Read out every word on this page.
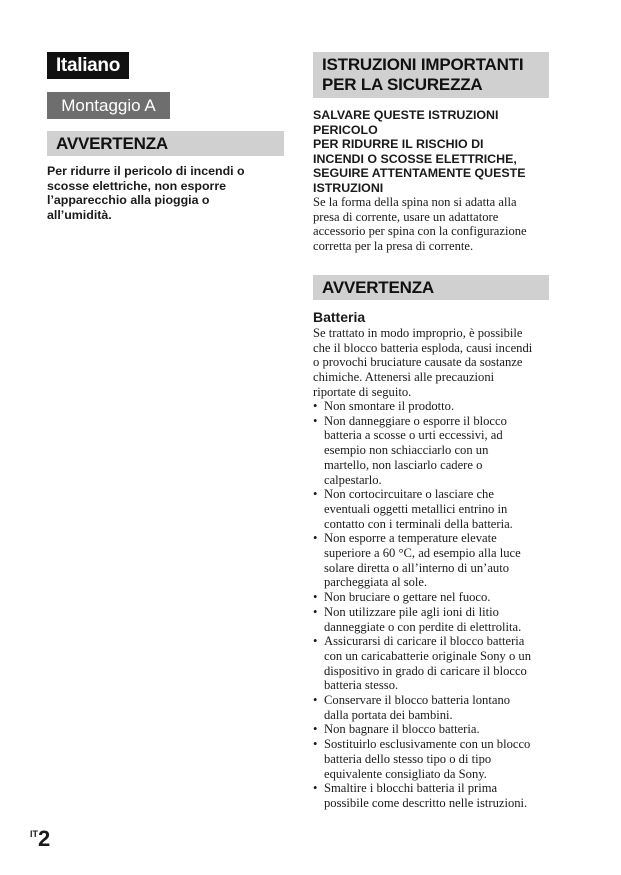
Italiano
Montaggio A
AVVERTENZA
Per ridurre il pericolo di incendi o
scosse elettriche, non esporre
l’apparecchio alla pioggia o
all’umidità.
ISTRUZIONI IMPORTANTI
PER LA SICUREZZA
SALVARE QUESTE ISTRUZIONI
PERICOLO
PER RIDURRE IL RISCHIO DI
INCENDI O SCOSSE ELETTRICHE,
SEGUIRE ATTENTAMENTE QUESTE
ISTRUZIONI
Se la forma della spina non si adatta alla
presa di corrente, usare un adattatore
accessorio per spina con la configurazione
corretta per la presa di corrente.
AVVERTENZA
Batteria
Se trattato in modo improprio, è possibile
che il blocco batteria esploda, causi incendi
o provochi bruciature causate da sostanze
chimiche. Attenersi alle precauzioni
riportate di seguito.
• Non smontare il prodotto.
• Non danneggiare o esporre il blocco
batteria a scosse o urti eccessivi, ad
esempio non schiacciarlo con un
martello, non lasciarlo cadere o
calpestarlo.
• Non cortocircuitare o lasciare che
eventuali oggetti metallici entrino in
contatto con i terminali della batteria.
• Non esporre a temperature elevate
superiore a 60 °C, ad esempio alla luce
solare diretta o all’interno di un’auto
parcheggiata al sole.
• Non bruciare o gettare nel fuoco.
• Non utilizzare pile agli ioni di litio
danneggiate o con perdite di elettrolita.
• Assicurarsi di caricare il blocco batteria
con un caricabatterie originale Sony o un
dispositivo in grado di caricare il blocco
batteria stesso.
• Conservare il blocco batteria lontano
dalla portata dei bambini.
• Non bagnare il blocco batteria.
• Sostituirlo esclusivamente con un blocco
batteria dello stesso tipo o di tipo
equivalente consigliato da Sony.
• Smaltire i blocchi batteria il prima
possibile come descritto nelle istruzioni.
$^{IT}$2
